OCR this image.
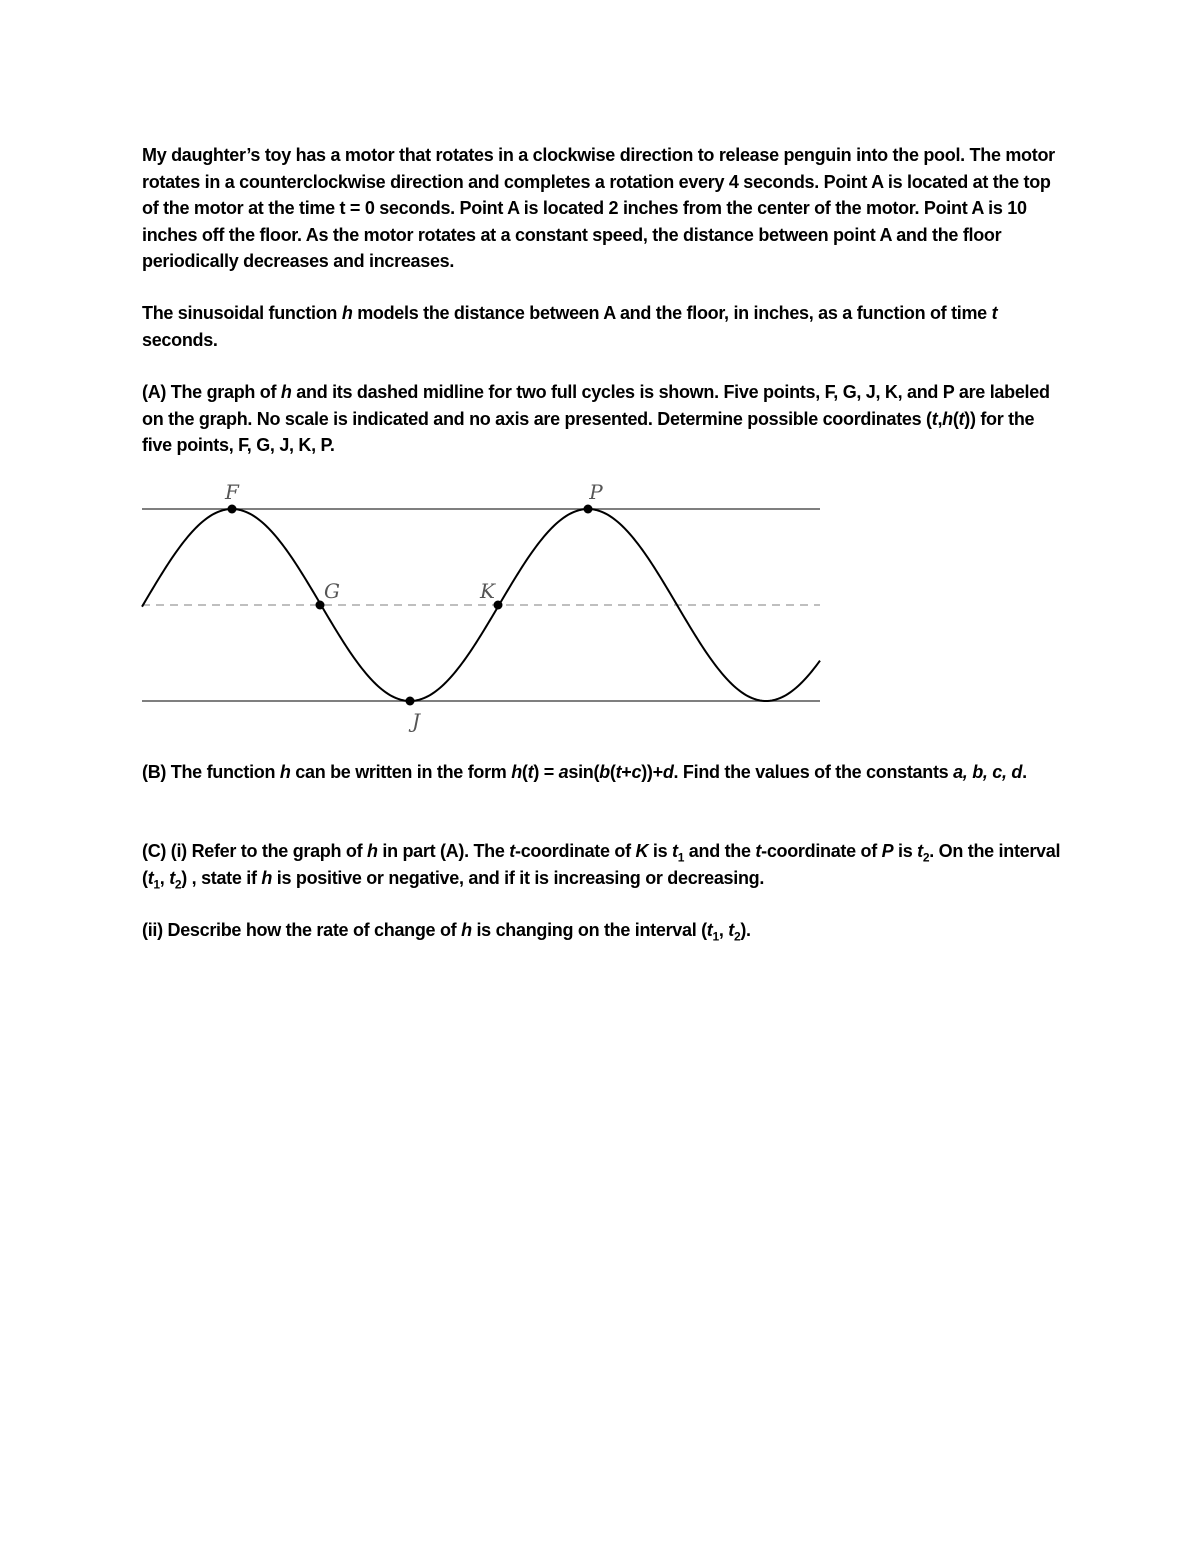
My daughter’s toy has a motor that rotates in a clockwise direction to release penguin into the pool. The motor rotates in a counterclockwise direction and completes a rotation every 4 seconds. Point A is located at the top of the motor at the time t = 0 seconds. Point A is located 2 inches from the center of the motor. Point A is 10 inches off the floor. As the motor rotates at a constant speed, the distance between point A and the floor periodically decreases and increases.

The sinusoidal function h models the distance between A and the floor, in inches, as a function of time t seconds.

(A) The graph of h and its dashed midline for two full cycles is shown. Five points, F, G, J, K, and P are labeled on the graph. No scale is indicated and no axis are presented. Determine possible coordinates (t,h(t)) for the five points, F, G, J, K, P.

F
G
J
K
P

(B) The function h can be written in the form h(t) = asin(b(t+c))+d. Find the values of the constants a, b, c, d.

(C) (i) Refer to the graph of h in part (A). The t-coordinate of K is $t_1$ and the t-coordinate of P is $t_2$. On the interval ($t_1$, $t_2$) , state if h is positive or negative, and if it is increasing or decreasing.

(ii) Describe how the rate of change of h is changing on the interval ($t_1$, $t_2$).
